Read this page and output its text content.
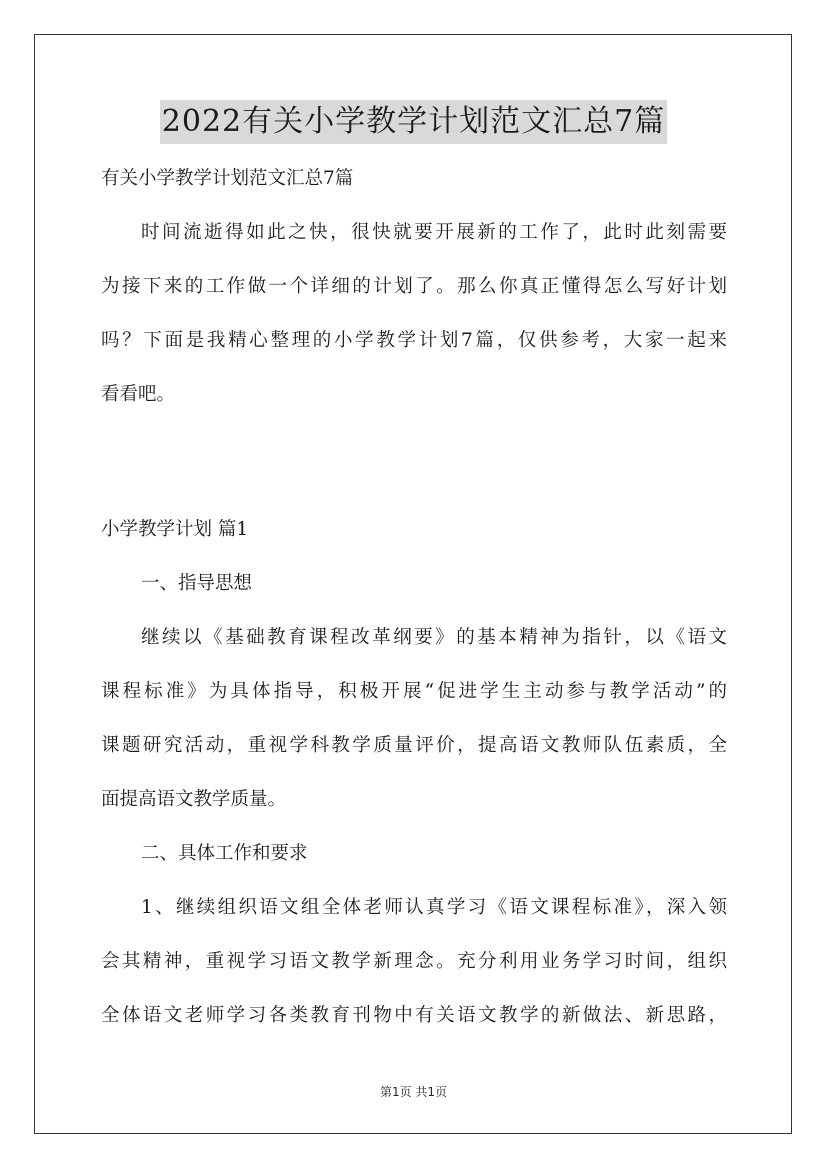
2022有关小学教学计划范文汇总7篇
有关小学教学计划范文汇总7篇
时间流逝得如此之快，很快就要开展新的工作了，此时此刻需要
为接下来的工作做一个详细的计划了。那么你真正懂得怎么写好计划
吗？下面是我精心整理的小学教学计划7篇，仅供参考，大家一起来
看看吧。
小学教学计划 篇1
一、指导思想
继续以《基础教育课程改革纲要》的基本精神为指针，以《语文
课程标准》为具体指导，积极开展“促进学生主动参与教学活动”的
课题研究活动，重视学科教学质量评价，提高语文教师队伍素质，全
面提高语文教学质量。
二、具体工作和要求
1、继续组织语文组全体老师认真学习《语文课程标准》，深入领
会其精神，重视学习语文教学新理念。充分利用业务学习时间，组织
全体语文老师学习各类教育刊物中有关语文教学的新做法、新思路，
第1页 共1页
